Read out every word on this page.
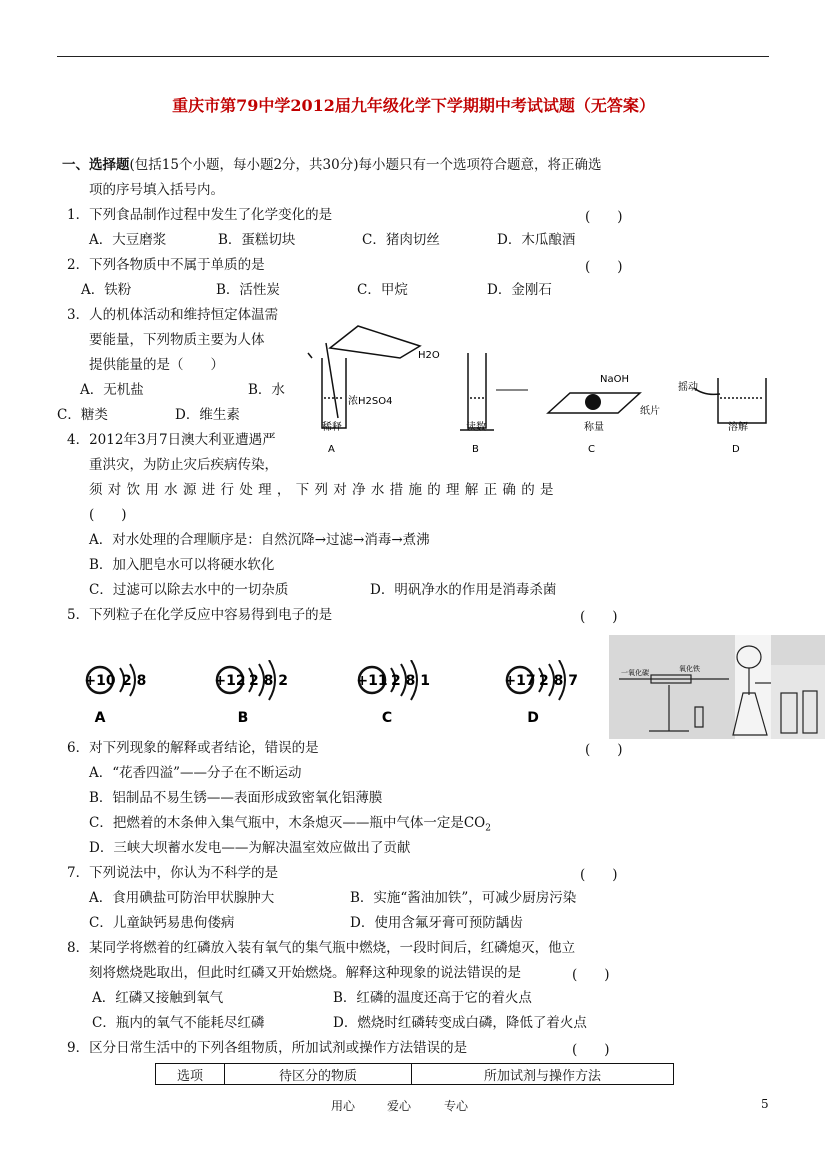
重庆市第79中学2012届九年级化学下学期期中考试试题（无答案）
一、选择题(包括15个小题，每小题2分，共30分)每小题只有一个选项符合题意，将正确选
项的序号填入括号内。
1．下列食品制作过程中发生了化学变化的是	(　　)
A．大豆磨浆	B．蛋糕切块	C．猪肉切丝	D．木瓜酿酒
2．下列各物质中不属于单质的是	(　　)
A．铁粉	B．活性炭	C．甲烷	D．金刚石
3．人的机体活动和维持恒定体温需
要能量，下列物质主要为人体
提供能量的是（　　）
A．无机盐	B．水
C．糖类	D．维生素
H2O
浓H2SO4
NaOH
纸片
摇动
稀释	读数	称量	溶解
A	B	C	D
4．2012年3月7日澳大利亚遭遇严
重洪灾，为防止灾后疾病传染，
须 对 饮 用 水 源 进 行 处 理 ， 下 列 对 净 水 措 施 的 理 解 正 确 的 是
(　　)
A．对水处理的合理顺序是：自然沉降→过滤→消毒→煮沸
B．加入肥皂水可以将硬水软化
C．过滤可以除去水中的一切杂质	D．明矾净水的作用是消毒杀菌
5．下列粒子在化学反应中容易得到电子的是	(　　)
+10 2 8
A
+12 2 8 2
B
+11 2 8 1
C
+17 2 8 7
D
一氧化碳	氧化铁
6．对下列现象的解释或者结论，错误的是	(　　)
A．“花香四溢”——分子在不断运动
B．铝制品不易生锈——表面形成致密氧化铝薄膜
C．把燃着的木条伸入集气瓶中，木条熄灭——瓶中气体一定是$CO_2$
D．三峡大坝蓄水发电——为解决温室效应做出了贡献
7．下列说法中，你认为不科学的是	(　　)
A．食用碘盐可防治甲状腺肿大	B．实施“酱油加铁”，可减少厨房污染
C．儿童缺钙易患佝偻病	D．使用含氟牙膏可预防龋齿
8．某同学将燃着的红磷放入装有氧气的集气瓶中燃烧，一段时间后，红磷熄灭，他立
刻将燃烧匙取出，但此时红磷又开始燃烧。解释这种现象的说法错误的是	(　　)
A．红磷又接触到氧气	B．红磷的温度还高于它的着火点
C．瓶内的氧气不能耗尽红磷	D．燃烧时红磷转变成白磷，降低了着火点
9．区分日常生活中的下列各组物质，所加试剂或操作方法错误的是	(　　)
选项	待区分的物质	所加试剂与操作方法
用心	爱心	专心	5
